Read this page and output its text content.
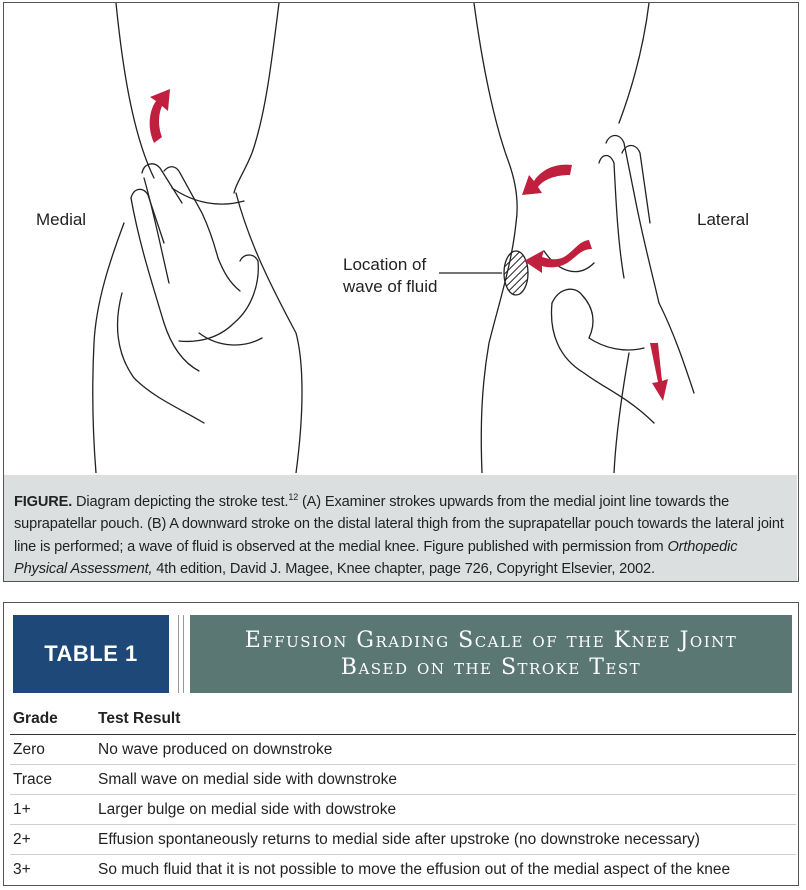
Medial	Lateral
Location of
wave of fluid
FIGURE. Diagram depicting the stroke test.$^{12}$ (A) Examiner strokes upwards from the medial joint line towards the suprapatellar pouch. (B) A downward stroke on the distal lateral thigh from the suprapatellar pouch towards the lateral joint line is performed; a wave of fluid is observed at the medial knee. Figure published with permission from Orthopedic Physical Assessment, 4th edition, David J. Magee, Knee chapter, page 726, Copyright Elsevier, 2002.
TABLE 1
Effusion Grading Scale of the Knee Joint
Based on the Stroke Test
Grade	Test Result
Zero	No wave produced on downstroke
Trace	Small wave on medial side with downstroke
1+	Larger bulge on medial side with dowstroke
2+	Effusion spontaneously returns to medial side after upstroke (no downstroke necessary)
3+	So much fluid that it is not possible to move the effusion out of the medial aspect of the knee
